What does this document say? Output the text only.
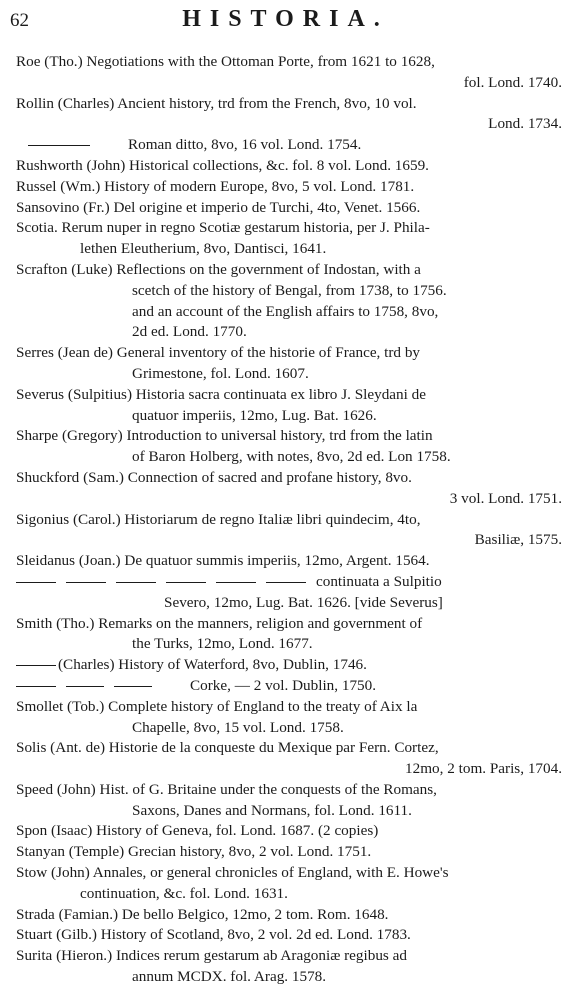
62	HISTORIA.
Roe (Tho.) Negotiations with the Ottoman Porte, from 1621 to 1628,
fol. Lond. 1740.
Rollin (Charles) Ancient history, trd from the French, 8vo, 10 vol.
Lond. 1734.
Roman ditto, 8vo, 16 vol. Lond. 1754.
Rushworth (John) Historical collections, &c. fol. 8 vol. Lond. 1659.
Russel (Wm.) History of modern Europe, 8vo, 5 vol. Lond. 1781.
Sansovino (Fr.) Del origine et imperio de Turchi, 4to, Venet. 1566.
Scotia. Rerum nuper in regno Scotiæ gestarum historia, per J. Phila-
lethen Eleutherium, 8vo, Dantisci, 1641.
Scrafton (Luke) Reflections on the government of Indostan, with a
scetch of the history of Bengal, from 1738, to 1756.
and an account of the English affairs to 1758, 8vo,
2d ed. Lond. 1770.
Serres (Jean de) General inventory of the historie of France, trd by
Grimestone, fol. Lond. 1607.
Severus (Sulpitius) Historia sacra continuata ex libro J. Sleydani de
quatuor imperiis, 12mo, Lug. Bat. 1626.
Sharpe (Gregory) Introduction to universal history, trd from the latin
of Baron Holberg, with notes, 8vo, 2d ed. Lon 1758.
Shuckford (Sam.) Connection of sacred and profane history, 8vo.
3 vol. Lond. 1751.
Sigonius (Carol.) Historiarum de regno Italiæ libri quindecim, 4to,
Basiliæ, 1575.
Sleidanus (Joan.) De quatuor summis imperiis, 12mo, Argent. 1564.
continuata a Sulpitio
Severo, 12mo, Lug. Bat. 1626. [vide Severus]
Smith (Tho.) Remarks on the manners, religion and government of
the Turks, 12mo, Lond. 1677.
(Charles) History of Waterford, 8vo, Dublin, 1746.
Corke, — 2 vol. Dublin, 1750.
Smollet (Tob.) Complete history of England to the treaty of Aix la
Chapelle, 8vo, 15 vol. Lond. 1758.
Solis (Ant. de) Historie de la conqueste du Mexique par Fern. Cortez,
12mo, 2 tom. Paris, 1704.
Speed (John) Hist. of G. Britaine under the conquests of the Romans,
Saxons, Danes and Normans, fol. Lond. 1611.
Spon (Isaac) History of Geneva, fol. Lond. 1687. (2 copies)
Stanyan (Temple) Grecian history, 8vo, 2 vol. Lond. 1751.
Stow (John) Annales, or general chronicles of England, with E. Howe's
continuation, &c. fol. Lond. 1631.
Strada (Famian.) De bello Belgico, 12mo, 2 tom. Rom. 1648.
Stuart (Gilb.) History of Scotland, 8vo, 2 vol. 2d ed. Lond. 1783.
Surita (Hieron.) Indices rerum gestarum ab Aragoniæ regibus ad
annum MCDX. fol. Arag. 1578.
